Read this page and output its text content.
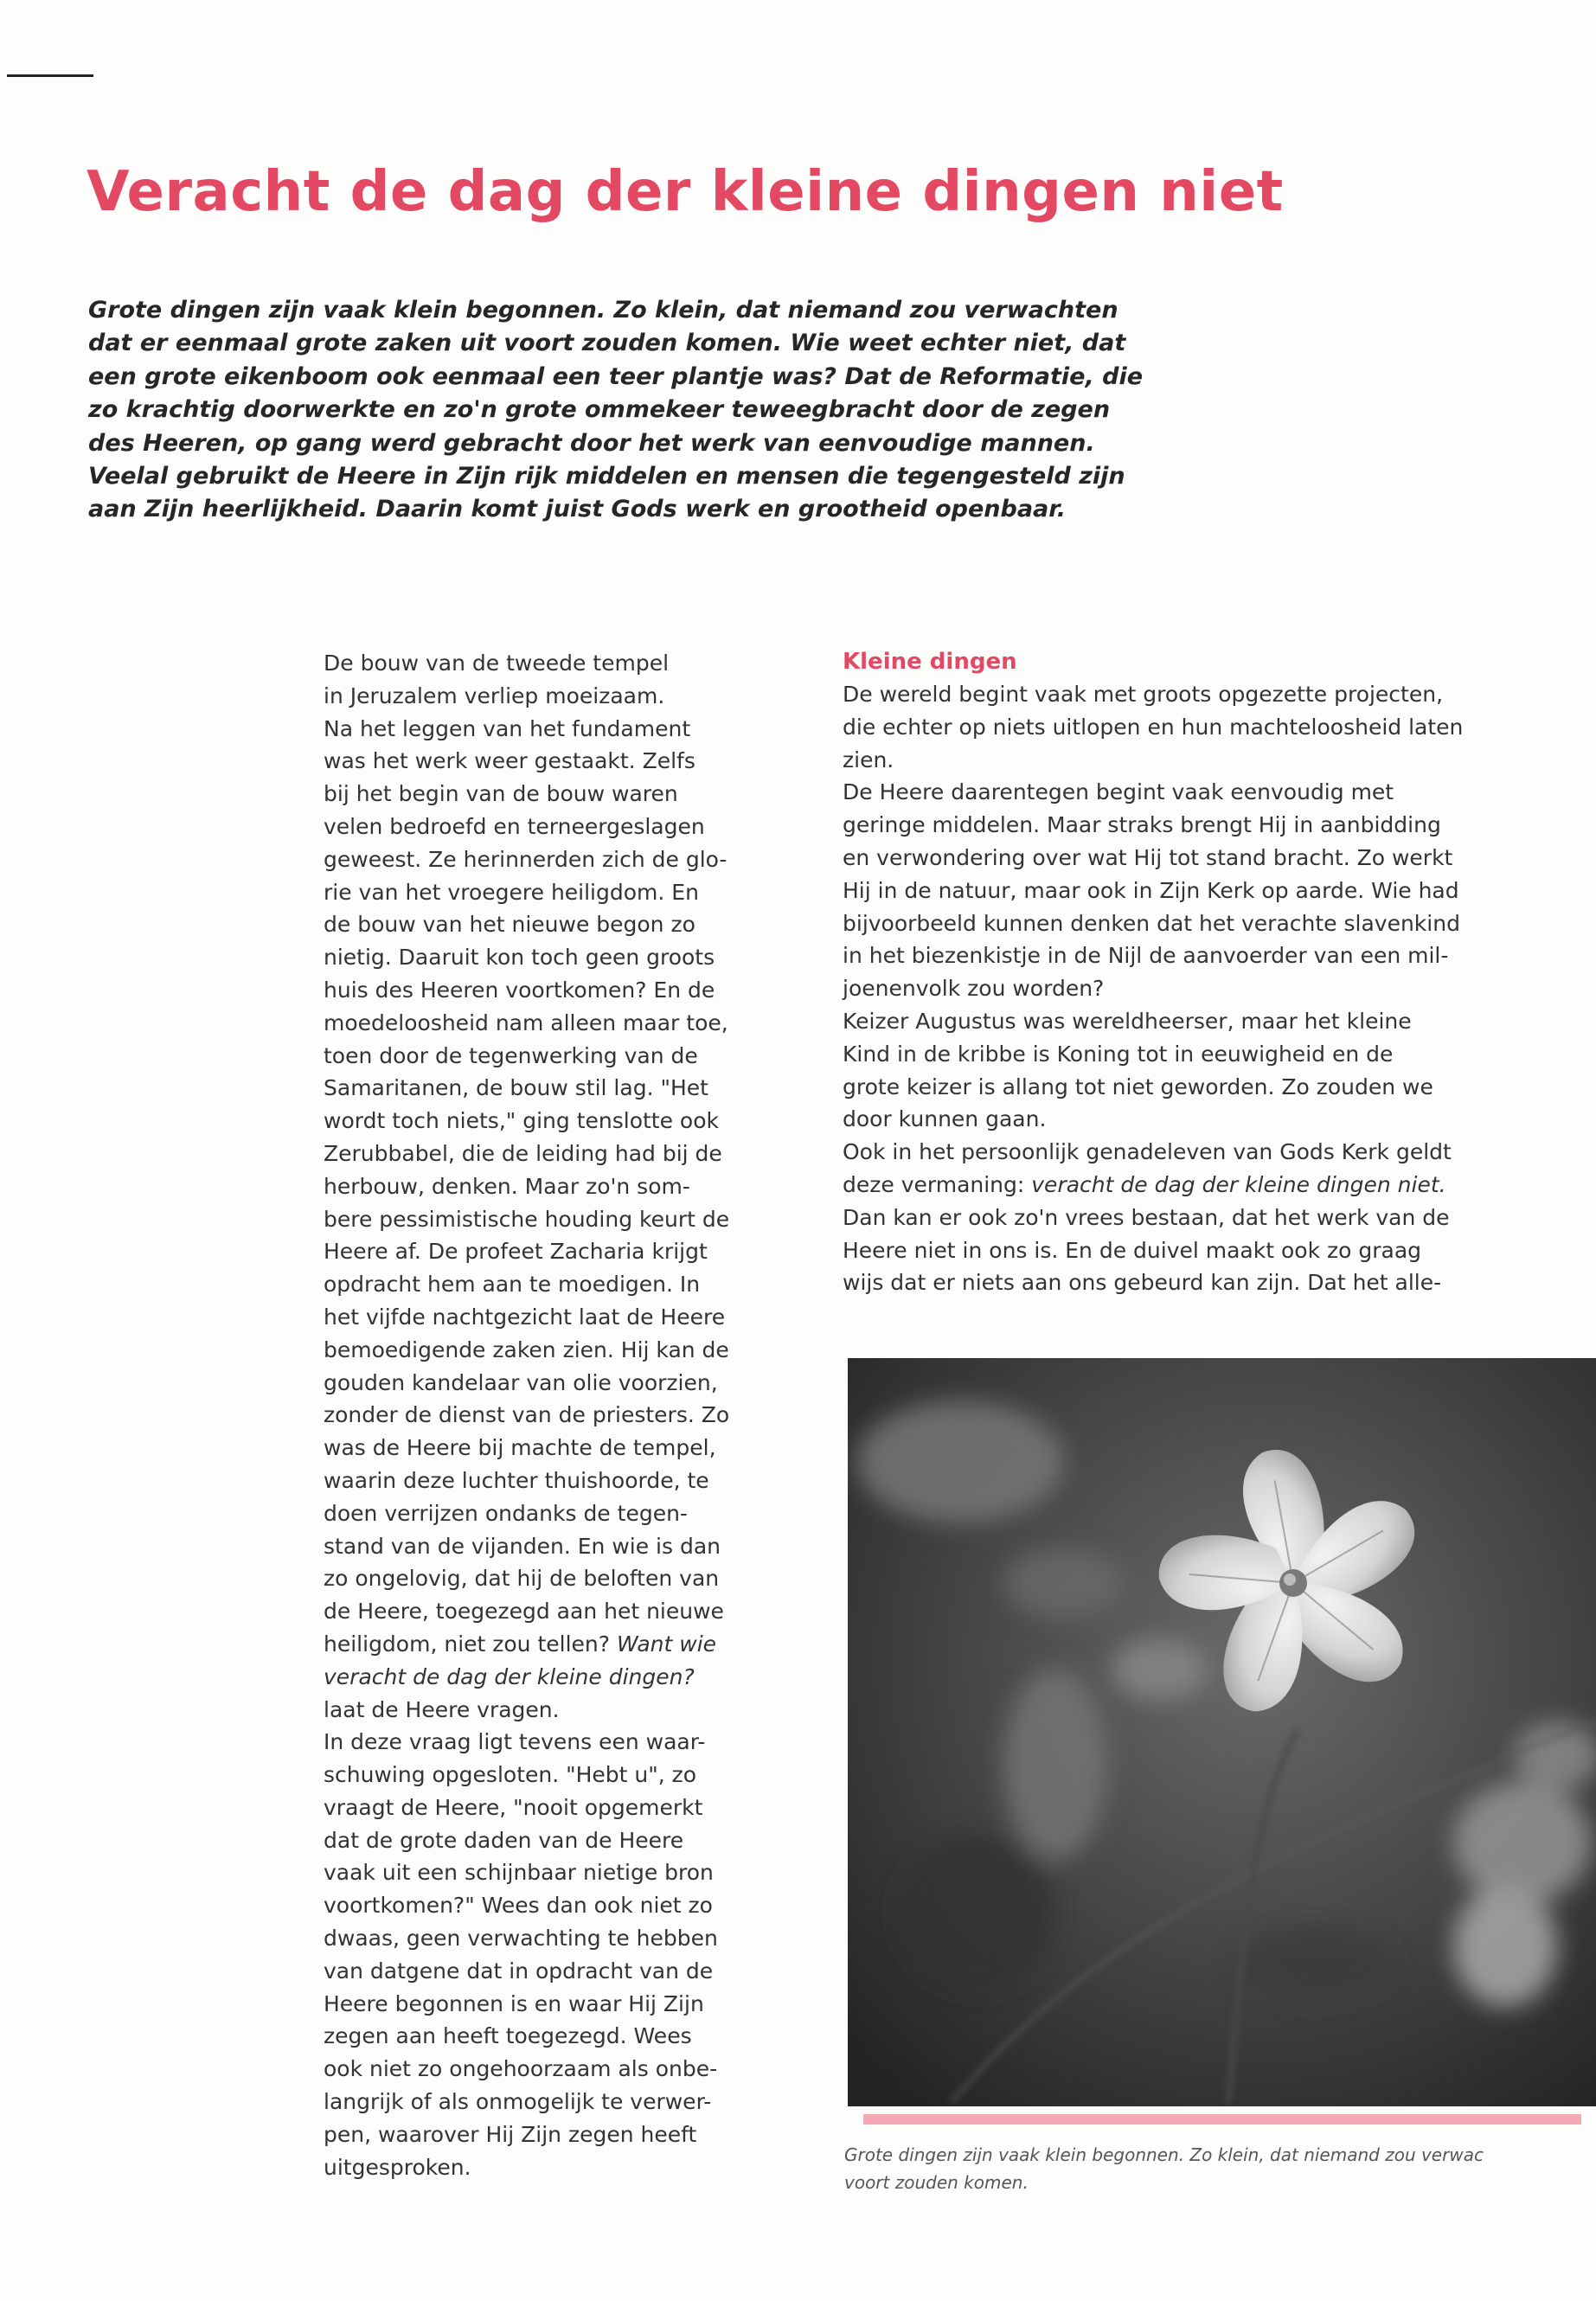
Veracht de dag der kleine dingen niet

Grote dingen zijn vaak klein begonnen. Zo klein, dat niemand zou verwachten dat er eenmaal grote zaken uit voort zouden komen. Wie weet echter niet, dat een grote eikenboom ook eenmaal een teer plantje was? Dat de Reformatie, die zo krachtig doorwerkte en zo'n grote ommekeer teweegbracht door de zegen des Heeren, op gang werd gebracht door het werk van eenvoudige mannen. Veelal gebruikt de Heere in Zijn rijk middelen en mensen die tegengesteld zijn aan Zijn heerlijkheid. Daarin komt juist Gods werk en grootheid openbaar.

De bouw van de tweede tempel
in Jeruzalem verliep moeizaam.
Na het leggen van het fundament
was het werk weer gestaakt. Zelfs
bij het begin van de bouw waren
velen bedroefd en terneergeslagen
geweest. Ze herinnerden zich de glo-
rie van het vroegere heiligdom. En
de bouw van het nieuwe begon zo
nietig. Daaruit kon toch geen groots
huis des Heeren voortkomen? En de
moedeloosheid nam alleen maar toe,
toen door de tegenwerking van de
Samaritanen, de bouw stil lag. "Het
wordt toch niets," ging tenslotte ook
Zerubbabel, die de leiding had bij de
herbouw, denken. Maar zo'n som-
bere pessimistische houding keurt de
Heere af. De profeet Zacharia krijgt
opdracht hem aan te moedigen. In
het vijfde nachtgezicht laat de Heere
bemoedigende zaken zien. Hij kan de
gouden kandelaar van olie voorzien,
zonder de dienst van de priesters. Zo
was de Heere bij machte de tempel,
waarin deze luchter thuishoorde, te
doen verrijzen ondanks de tegen-
stand van de vijanden. En wie is dan
zo ongelovig, dat hij de beloften van
de Heere, toegezegd aan het nieuwe
heiligdom, niet zou tellen? Want wie
veracht de dag der kleine dingen?
laat de Heere vragen.
In deze vraag ligt tevens een waar-
schuwing opgesloten. "Hebt u", zo
vraagt de Heere, "nooit opgemerkt
dat de grote daden van de Heere
vaak uit een schijnbaar nietige bron
voortkomen?" Wees dan ook niet zo
dwaas, geen verwachting te hebben
van datgene dat in opdracht van de
Heere begonnen is en waar Hij Zijn
zegen aan heeft toegezegd. Wees
ook niet zo ongehoorzaam als onbe-
langrijk of als onmogelijk te verwer-
pen, waarover Hij Zijn zegen heeft
uitgesproken.

Kleine dingen

De wereld begint vaak met groots opgezette projecten,
die echter op niets uitlopen en hun machteloosheid laten
zien.
De Heere daarentegen begint vaak eenvoudig met
geringe middelen. Maar straks brengt Hij in aanbidding
en verwondering over wat Hij tot stand bracht. Zo werkt
Hij in de natuur, maar ook in Zijn Kerk op aarde. Wie had
bijvoorbeeld kunnen denken dat het verachte slavenkind
in het biezenkistje in de Nijl de aanvoerder van een mil-
joenenvolk zou worden?
Keizer Augustus was wereldheerser, maar het kleine
Kind in de kribbe is Koning tot in eeuwigheid en de
grote keizer is allang tot niet geworden. Zo zouden we
door kunnen gaan.
Ook in het persoonlijk genadeleven van Gods Kerk geldt
deze vermaning: veracht de dag der kleine dingen niet.
Dan kan er ook zo'n vrees bestaan, dat het werk van de
Heere niet in ons is. En de duivel maakt ook zo graag
wijs dat er niets aan ons gebeurd kan zijn. Dat het alle-

Grote dingen zijn vaak klein begonnen. Zo klein, dat niemand zou verwac
voort zouden komen.
